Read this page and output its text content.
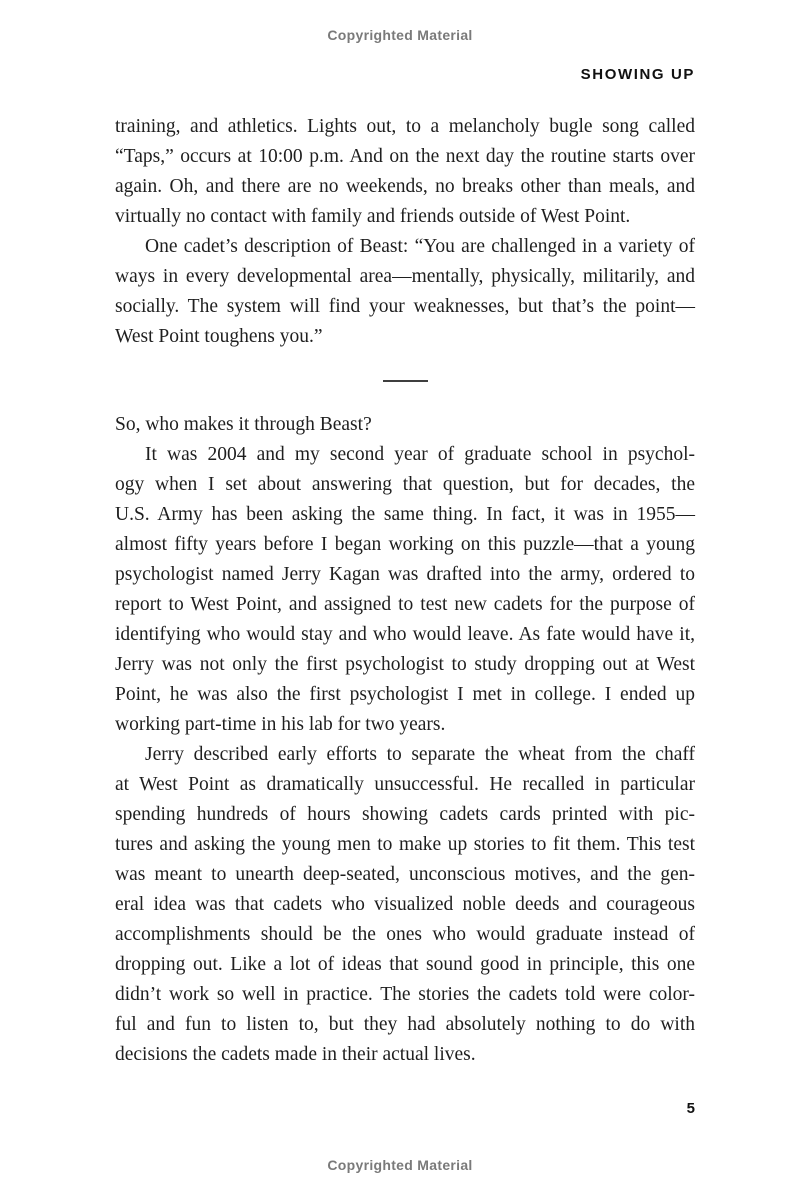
Copyrighted Material
SHOWING UP
training, and athletics. Lights out, to a melancholy bugle song called
“Taps,” occurs at 10:00 p.m. And on the next day the routine starts over
again. Oh, and there are no weekends, no breaks other than meals, and
virtually no contact with family and friends outside of West Point.
One cadet’s description of Beast: “You are challenged in a variety of
ways in every developmental area—mentally, physically, militarily, and
socially. The system will find your weaknesses, but that’s the point—
West Point toughens you.”
So, who makes it through Beast?
It was 2004 and my second year of graduate school in psychol-
ogy when I set about answering that question, but for decades, the
U.S. Army has been asking the same thing. In fact, it was in 1955—
almost fifty years before I began working on this puzzle—that a young
psychologist named Jerry Kagan was drafted into the army, ordered to
report to West Point, and assigned to test new cadets for the purpose of
identifying who would stay and who would leave. As fate would have it,
Jerry was not only the first psychologist to study dropping out at West
Point, he was also the first psychologist I met in college. I ended up
working part-time in his lab for two years.
Jerry described early efforts to separate the wheat from the chaff
at West Point as dramatically unsuccessful. He recalled in particular
spending hundreds of hours showing cadets cards printed with pic-
tures and asking the young men to make up stories to fit them. This test
was meant to unearth deep-seated, unconscious motives, and the gen-
eral idea was that cadets who visualized noble deeds and courageous
accomplishments should be the ones who would graduate instead of
dropping out. Like a lot of ideas that sound good in principle, this one
didn’t work so well in practice. The stories the cadets told were color-
ful and fun to listen to, but they had absolutely nothing to do with
decisions the cadets made in their actual lives.
5
Copyrighted Material
